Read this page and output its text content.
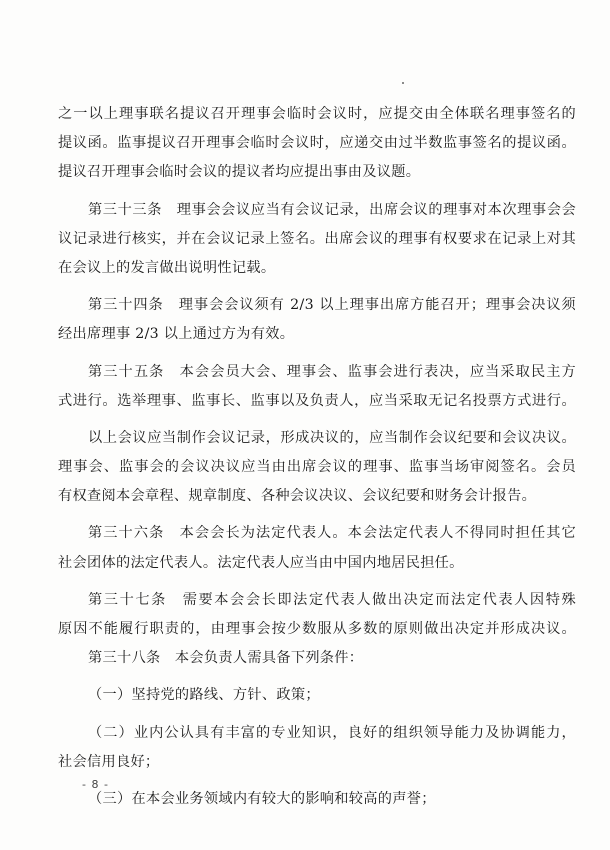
之一以上理事联名提议召开理事会临时会议时，应提交由全体联名理事签名的
提议函。监事提议召开理事会临时会议时，应递交由过半数监事签名的提议函。
提议召开理事会临时会议的提议者均应提出事由及议题。
第三十三条　理事会会议应当有会议记录，出席会议的理事对本次理事会会
议记录进行核实，并在会议记录上签名。出席会议的理事有权要求在记录上对其
在会议上的发言做出说明性记载。
第三十四条　理事会会议须有 2/3 以上理事出席方能召开；理事会决议须
经出席理事 2/3 以上通过方为有效。
第三十五条　本会会员大会、理事会、监事会进行表决，应当采取民主方
式进行。选举理事、监事长、监事以及负责人，应当采取无记名投票方式进行。
以上会议应当制作会议记录，形成决议的，应当制作会议纪要和会议决议。
理事会、监事会的会议决议应当由出席会议的理事、监事当场审阅签名。会员
有权查阅本会章程、规章制度、各种会议决议、会议纪要和财务会计报告。
第三十六条　本会会长为法定代表人。本会法定代表人不得同时担任其它
社会团体的法定代表人。法定代表人应当由中国内地居民担任。
第三十七条　需要本会会长即法定代表人做出决定而法定代表人因特殊
原因不能履行职责的，由理事会按少数服从多数的原则做出决定并形成决议。
第三十八条　本会负责人需具备下列条件：
（一）坚持党的路线、方针、政策；
（二）业内公认具有丰富的专业知识，良好的组织领导能力及协调能力，
社会信用良好；
（三）在本会业务领域内有较大的影响和较高的声誉；
- 8 -
